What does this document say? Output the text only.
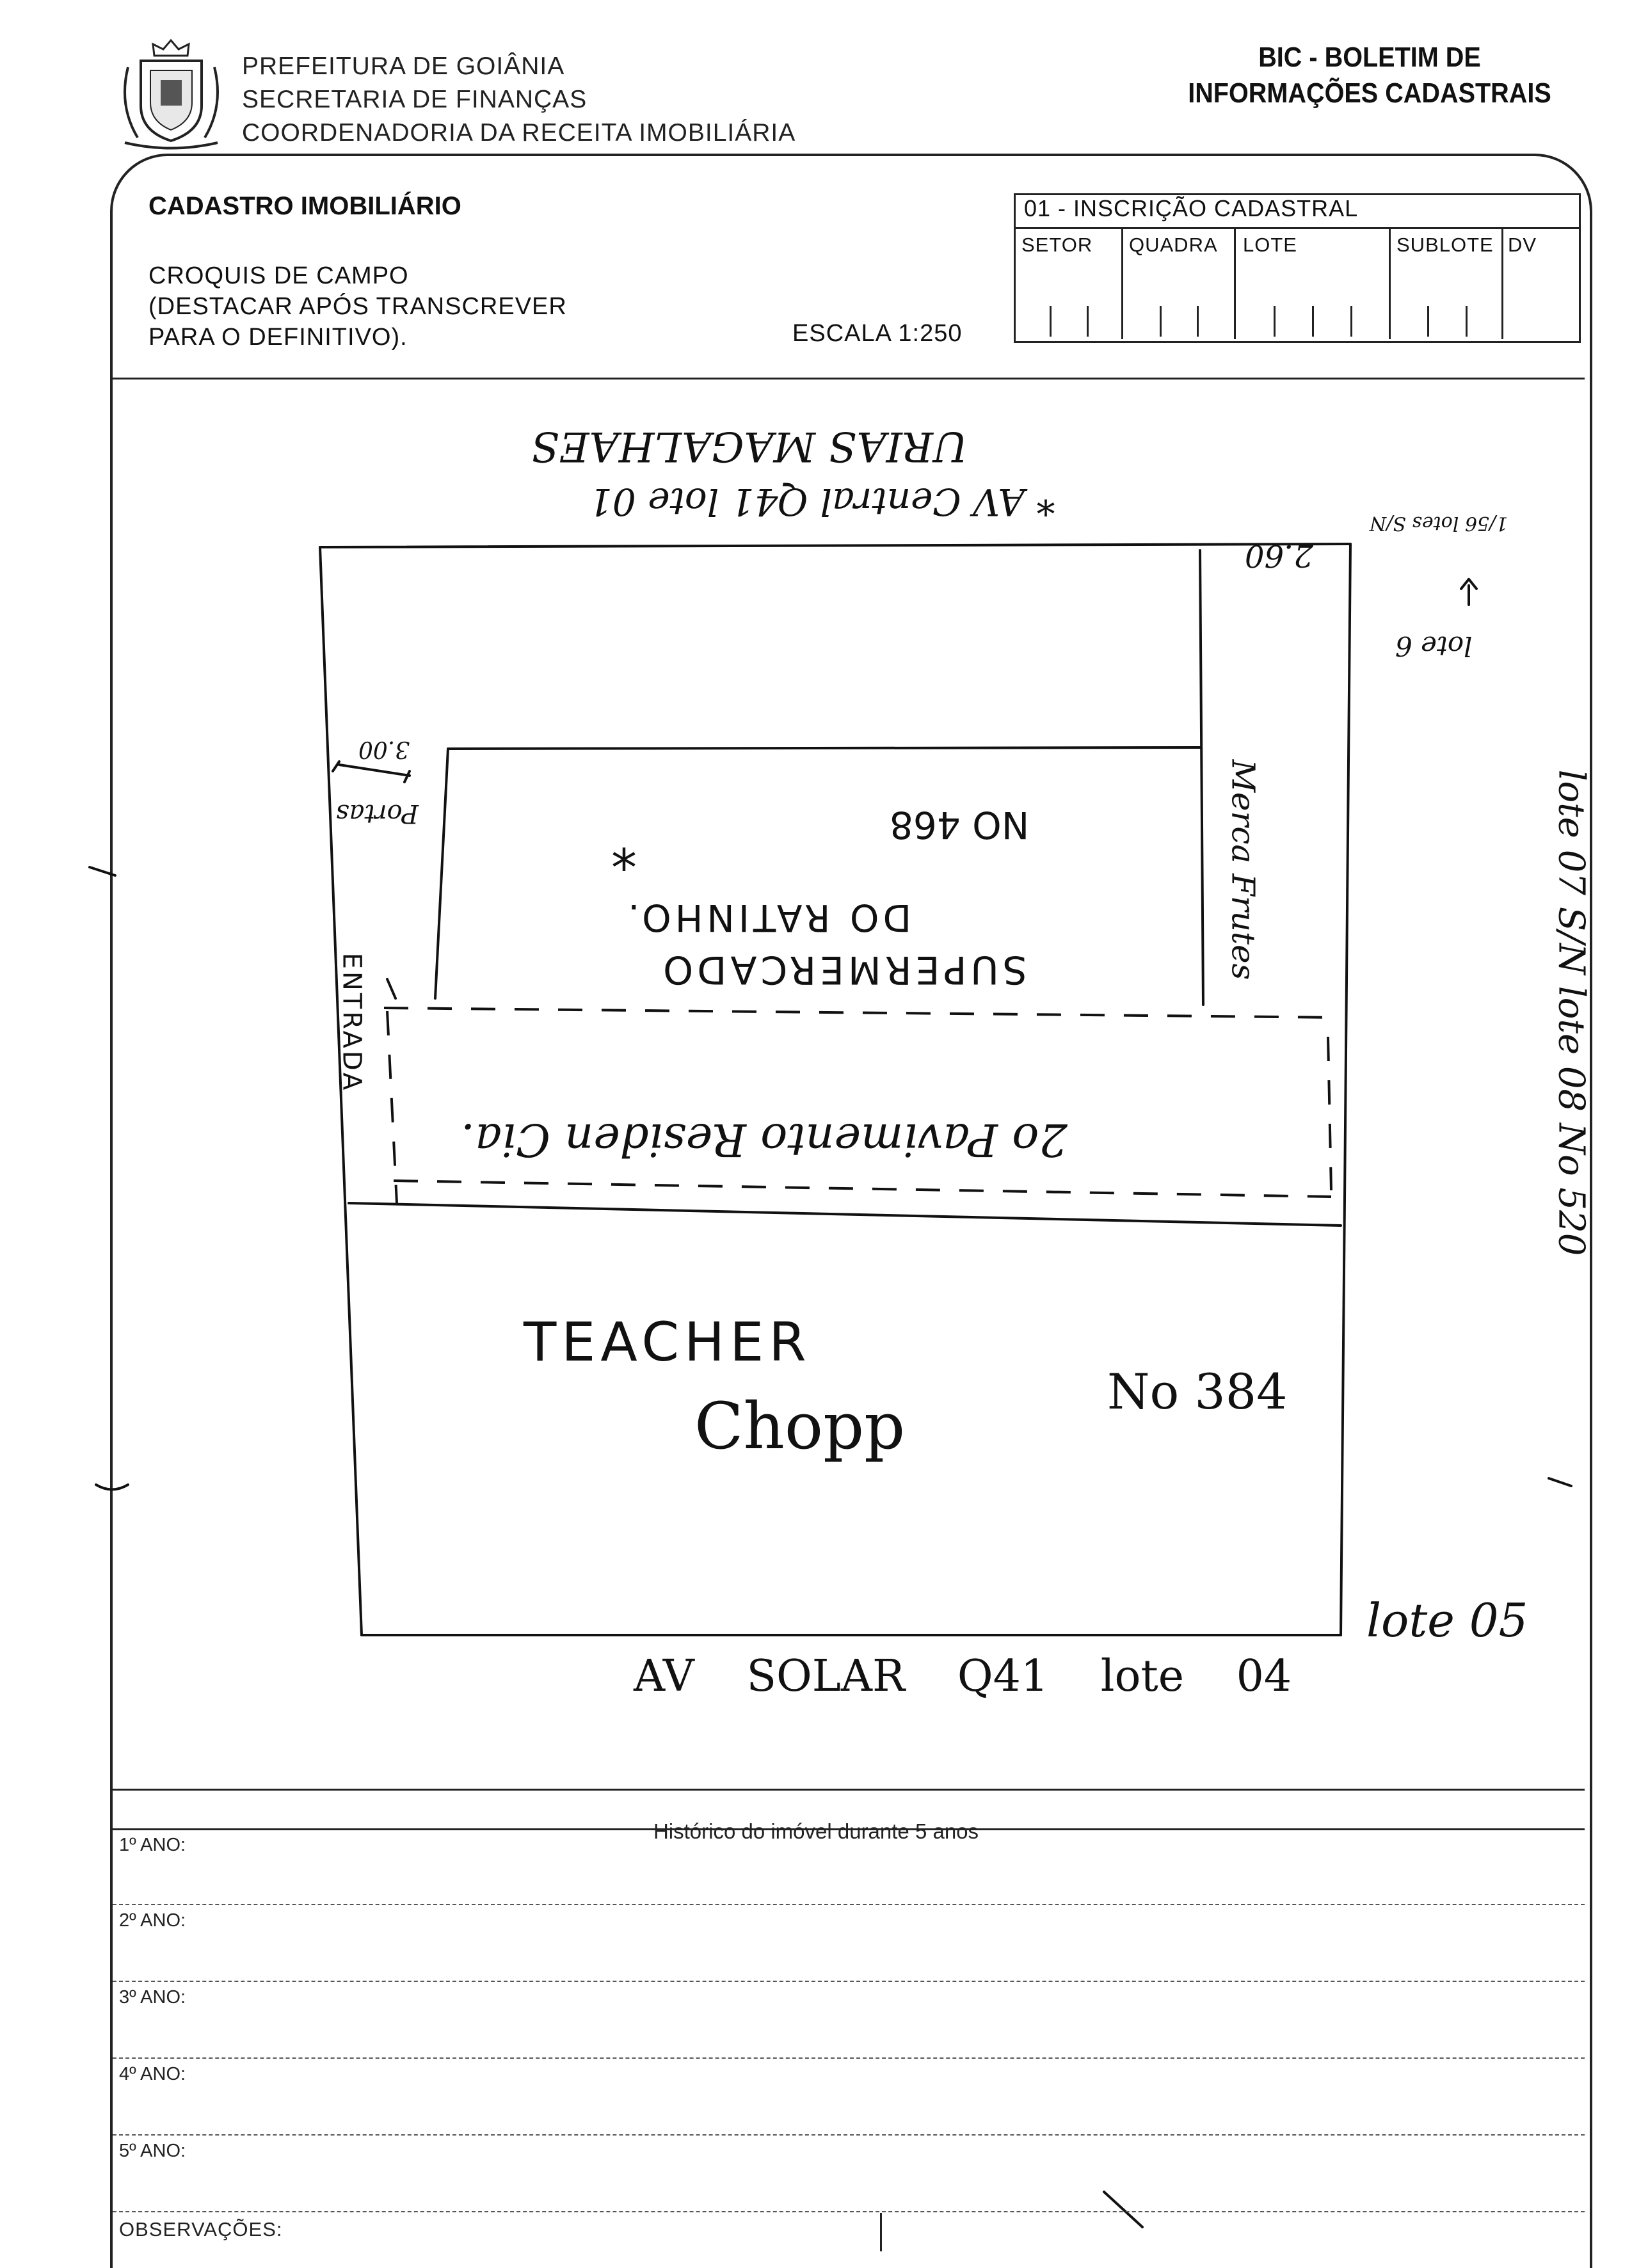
PREFEITURA DE GOIÂNIA
SECRETARIA DE FINANÇAS
COORDENADORIA DA RECEITA IMOBILIÁRIA
BIC - BOLETIM DE
INFORMAÇÕES CADASTRAIS
CADASTRO IMOBILIÁRIO
CROQUIS DE CAMPO
(DESTACAR APÓS TRANSCREVER
PARA O DEFINITIVO).	ESCALA 1:250
01 - INSCRIÇÃO CADASTRAL
SETOR QUADRA LOTE	SUBLOTE DV
URIAS MAGALHAES
* AV Central Q41 lote 01
2.60
1/56 lotes S/N
lote 6
lote 07 S/N lote 08 No 520
3.00
Portas	NO 468
SUPERMERCADO
DO RATINHO.
*	Merca Frutes
ENTRADA
2o Pavimento Residen Cia.
TEACHER
Chopp	No 384
lote 05
AV SOLAR Q41 lote 04
Histórico do imóvel durante 5 anos
1º ANO:
2º ANO:
3º ANO:
4º ANO:
5º ANO:
OBSERVAÇÕES:
